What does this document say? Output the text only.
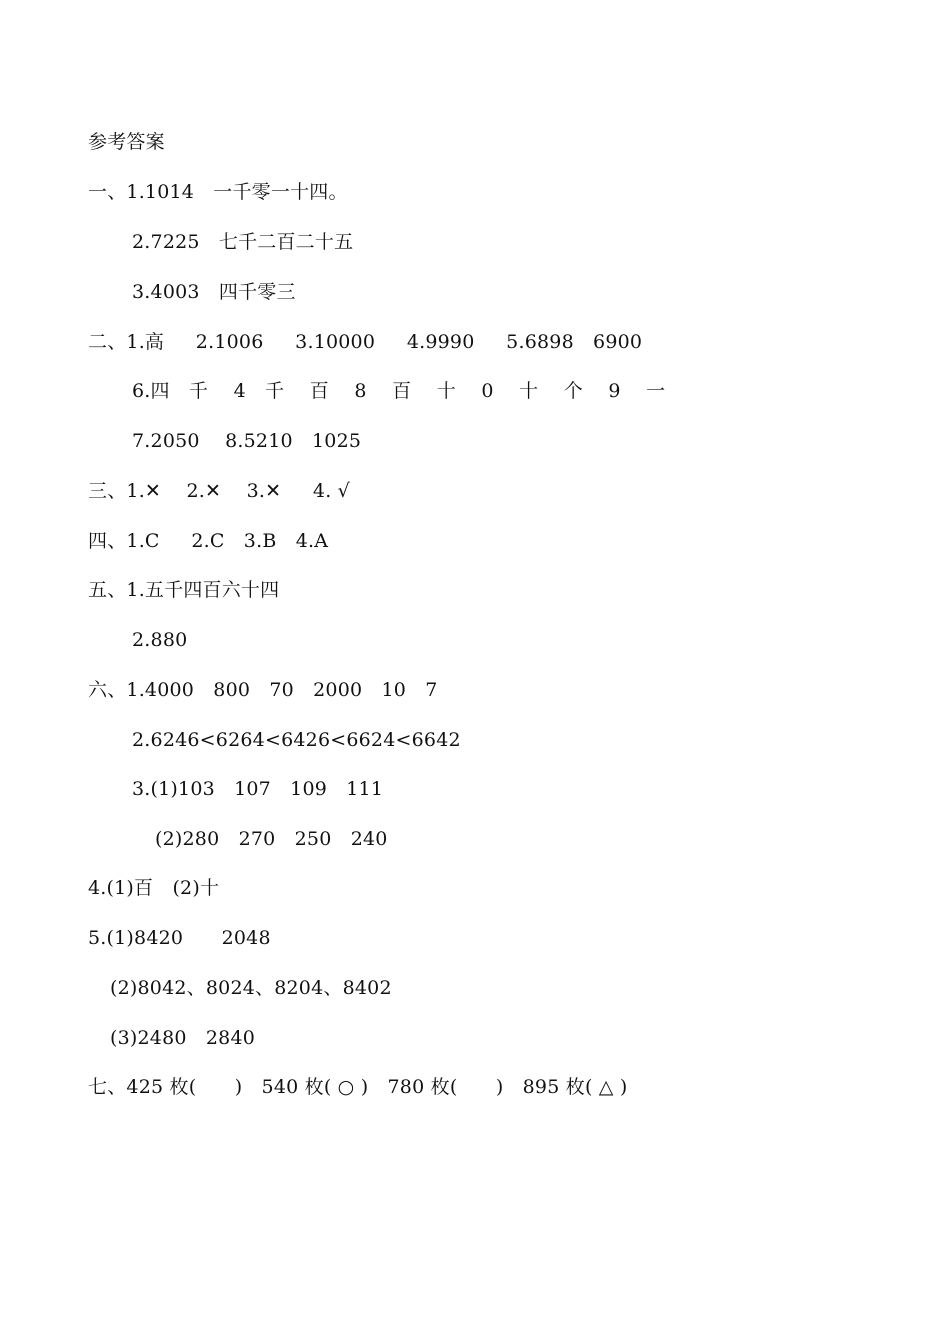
参考答案
一、1.1014　一千零一十四。
2.7225　七千二百二十五
3.4003　四千零三
二、1.高　  2.1006　  3.10000　  4.9990　  5.6898　6900
6.四　千　 4　千　 百　 8　 百　 十　 0　 十　 个　 9　 一
7.2050　 8.5210　1025
三、1.✕　 2.✕　 3.✕　  4. √
四、1.C　  2.C　3.B　4.A
五、1.五千四百六十四
2.880
六、1.4000　800　70　2000　10　7
2.6246<6264<6426<6624<6642
3.(1)103　107　109　111
(2)280　270　250　240
4.(1)百　(2)十
5.(1)8420　　2048
(2)8042、8024、8204、8402
(3)2480　2840
七、425 枚(　　)　540 枚( ○ )　780 枚(　　)　895 枚( △ )
